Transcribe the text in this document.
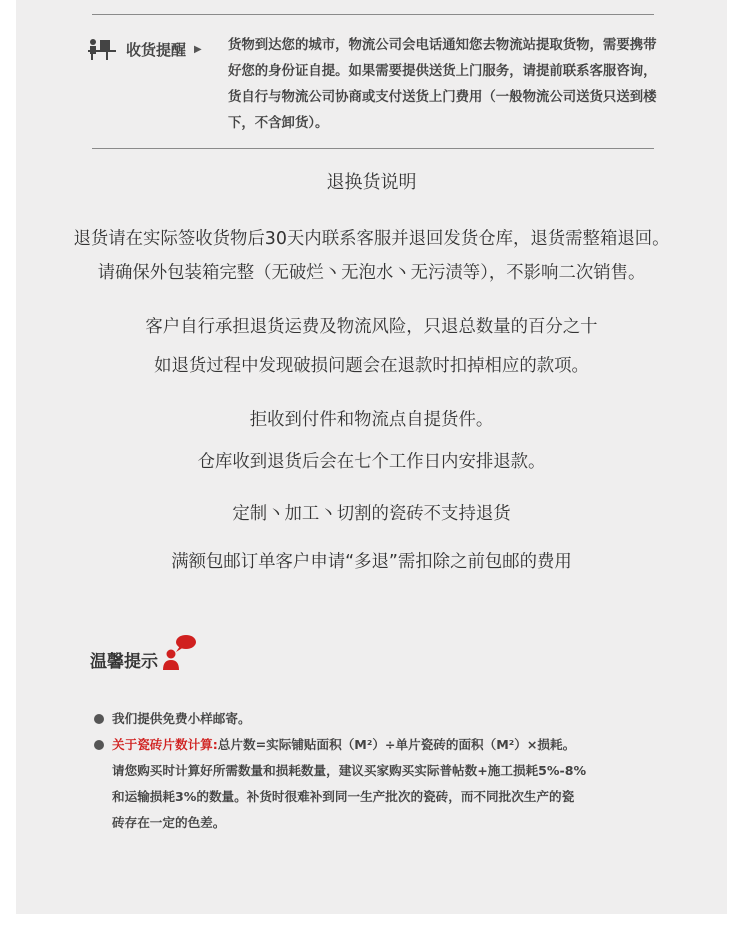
收货提醒 ▶ 货物到达您的城市，物流公司会电话通知您去物流站提取货物，需要携带好您的身份证自提。如果需要提供送货上门服务，请提前联系客服咨询，货自行与物流公司协商或支付送货上门费用（一般物流公司送货只送到楼下，不含卸货）。

退换货说明

退货请在实际签收货物后30天内联系客服并退回发货仓库，退货需整箱退回。

请确保外包装箱完整（无破烂丶无泡水丶无污渍等），不影响二次销售。

客户自行承担退货运费及物流风险，只退总数量的百分之十

如退货过程中发现破损问题会在退款时扣掉相应的款项。

拒收到付件和物流点自提货件。

仓库收到退货后会在七个工作日内安排退款。

定制丶加工丶切割的瓷砖不支持退货

满额包邮订单客户申请“多退”需扣除之前包邮的费用

温馨提示
我们提供免费小样邮寄。
关于瓷砖片数计算:总片数=实际铺贴面积（M²）÷单片瓷砖的面积（M²）×损耗。
请您购买时计算好所需数量和损耗数量，建议买家购买实际普帖数+施工损耗5%-8%
和运输损耗3%的数量。补货时很难补到同一生产批次的瓷砖，而不同批次生产的瓷
砖存在一定的色差。
